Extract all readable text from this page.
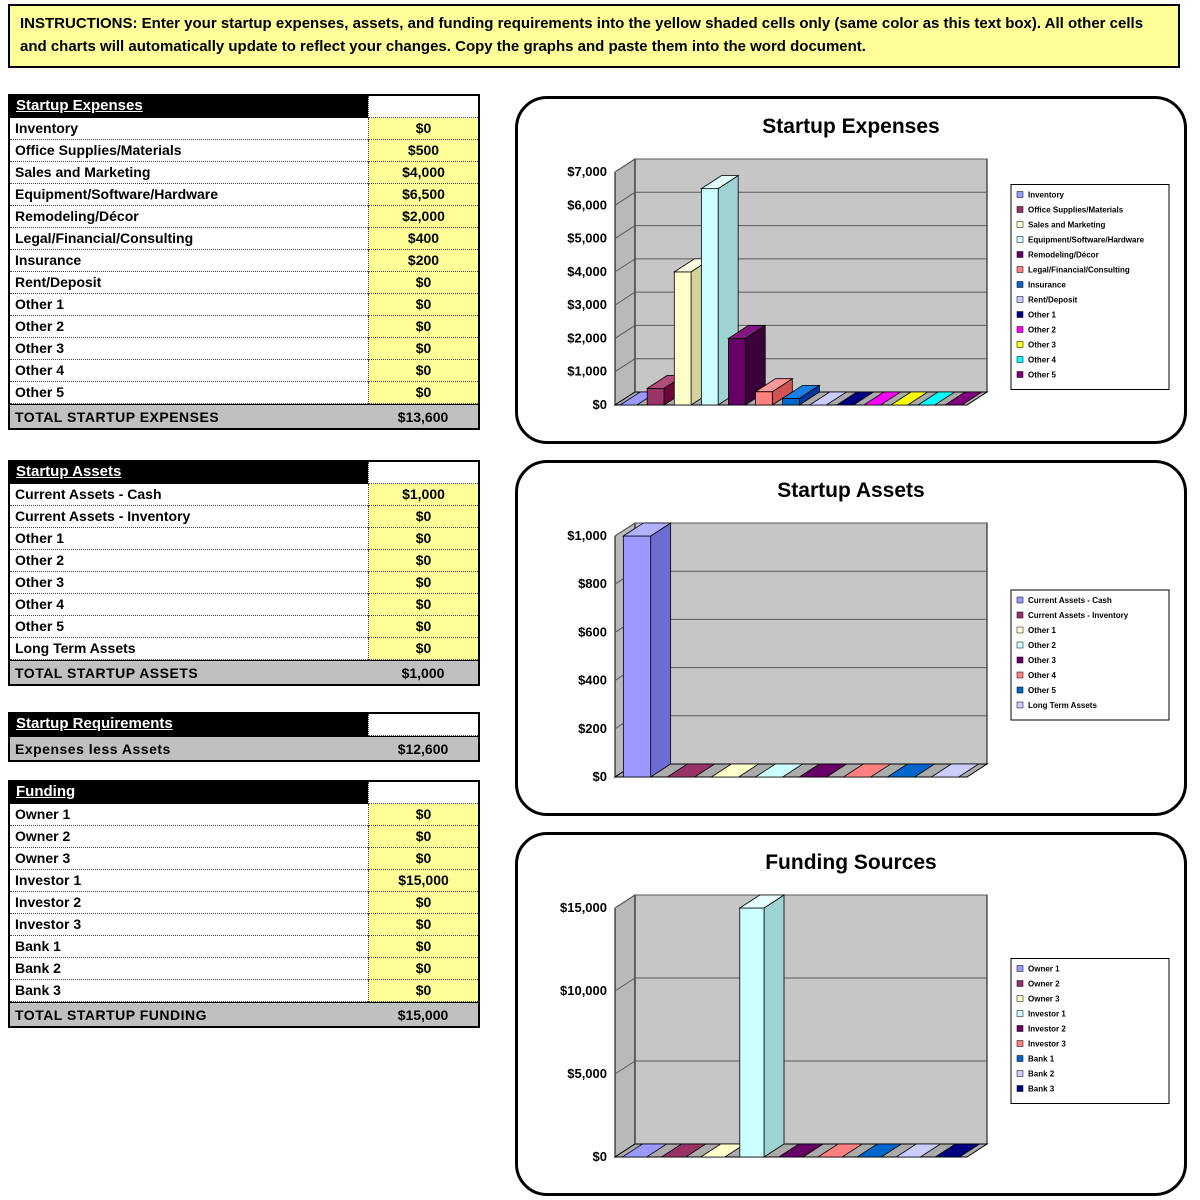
INSTRUCTIONS: Enter your startup expenses, assets, and funding requirements into the yellow shaded cells only (same color as this text box). All other cells and charts will automatically update to reflect your changes. Copy the graphs and paste them into the word document.
Startup Expenses
Inventory	$0
Office Supplies/Materials	$500
Sales and Marketing	$4,000
Equipment/Software/Hardware	$6,500
Remodeling/Décor	$2,000
Legal/Financial/Consulting	$400
Insurance	$200
Rent/Deposit	$0
Other 1	$0
Other 2	$0
Other 3	$0
Other 4	$0
Other 5	$0
TOTAL STARTUP EXPENSES	$13,600
Startup Assets
Current Assets - Cash	$1,000
Current Assets - Inventory	$0
Other 1	$0
Other 2	$0
Other 3	$0
Other 4	$0
Other 5	$0
Long Term Assets	$0
TOTAL STARTUP ASSETS	$1,000
Startup Requirements
Expenses less Assets	$12,600
Funding
Owner 1	$0
Owner 2	$0
Owner 3	$0
Investor 1	$15,000
Investor 2	$0
Investor 3	$0
Bank 1	$0
Bank 2	$0
Bank 3	$0
TOTAL STARTUP FUNDING	$15,000
Startup Expenses
$0
$1,000
$2,000
$3,000
$4,000
$5,000
$6,000
$7,000
Inventory
Office Supplies/Materials
Sales and Marketing
Equipment/Software/Hardware
Remodeling/Décor
Legal/Financial/Consulting
Insurance
Rent/Deposit
Other 1
Other 2
Other 3
Other 4
Other 5
Startup Assets
$0
$200
$400
$600
$800
$1,000
Current Assets - Cash
Current Assets - Inventory
Other 1
Other 2
Other 3
Other 4
Other 5
Long Term Assets
Funding Sources
$0
$5,000
$10,000
$15,000
Owner 1
Owner 2
Owner 3
Investor 1
Investor 2
Investor 3
Bank 1
Bank 2
Bank 3
